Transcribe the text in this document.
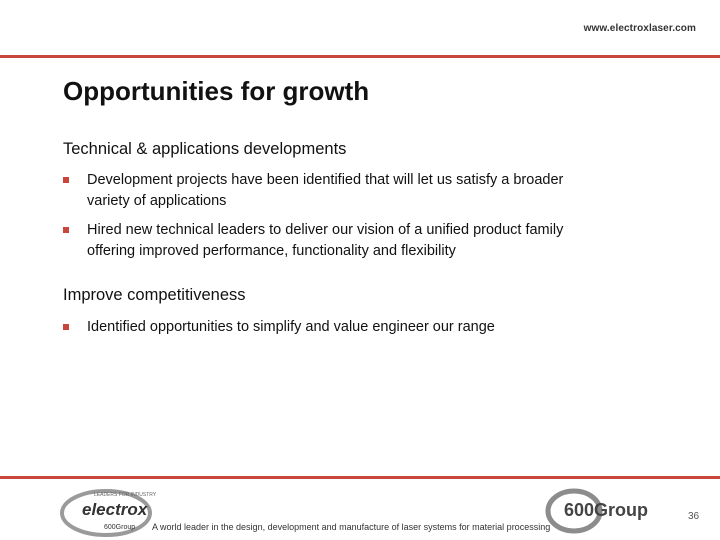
www.electroxlaser.com
Opportunities for growth
Technical & applications developments
Development projects have been identified that will let us satisfy a broader
variety of applications
Hired new technical leaders to deliver our vision of a unified product family
offering improved performance, functionality and flexibility
Improve competitiveness
Identified opportunities to simplify and value engineer our range
LEADERS FOR INDUSTRY
electrox
600Group A world leader in the design, development and manufacture of laser systems for material processing
600Group	36
